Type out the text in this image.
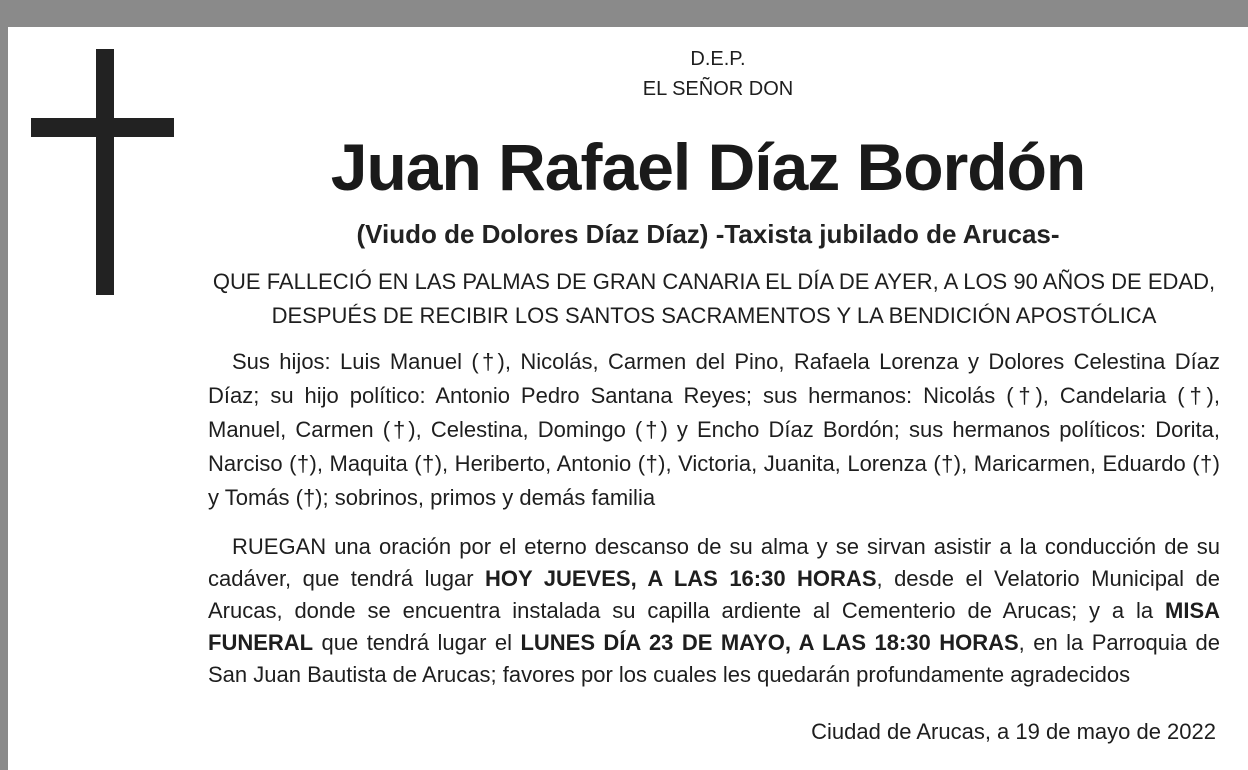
D.E.P.
EL SEÑOR DON
Juan Rafael Díaz Bordón
(Viudo de Dolores Díaz Díaz) -Taxista jubilado de Arucas-
QUE FALLECIÓ EN LAS PALMAS DE GRAN CANARIA EL DÍA DE AYER, A LOS 90 AÑOS DE EDAD, DESPUÉS DE RECIBIR LOS SANTOS SACRAMENTOS Y LA BENDICIÓN APOSTÓLICA
Sus hijos: Luis Manuel (†), Nicolás, Carmen del Pino, Rafaela Lorenza y Dolores Celestina Díaz Díaz; su hijo político: Antonio Pedro Santana Reyes; sus hermanos: Nicolás (†), Candelaria (†), Manuel, Carmen (†), Celestina, Domingo (†) y Encho Díaz Bordón; sus hermanos políticos: Dorita, Narciso (†), Maquita (†), Heriberto, Antonio (†), Victoria, Juanita, Lorenza (†), Maricarmen, Eduardo (†) y Tomás (†); sobrinos, primos y demás familia
RUEGAN una oración por el eterno descanso de su alma y se sirvan asistir a la conducción de su cadáver, que tendrá lugar HOY JUEVES, A LAS 16:30 HORAS, desde el Velatorio Municipal de Arucas, donde se encuentra instalada su capilla ardiente al Cementerio de Arucas; y a la MISA FUNERAL que tendrá lugar el LUNES DÍA 23 DE MAYO, A LAS 18:30 HORAS, en la Parroquia de San Juan Bautista de Arucas; favores por los cuales les quedarán profundamente agradecidos
Ciudad de Arucas, a 19 de mayo de 2022
